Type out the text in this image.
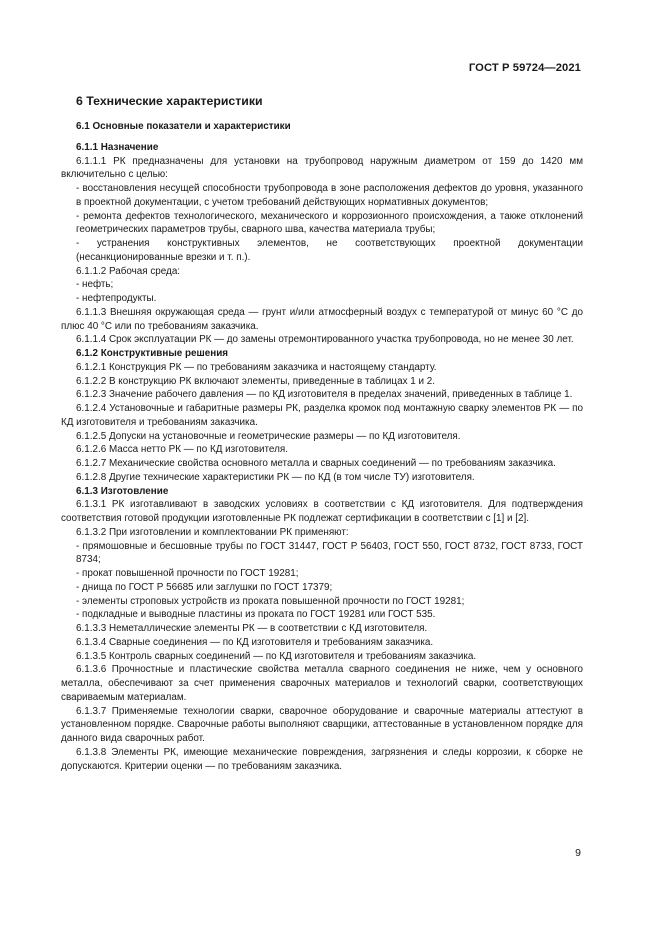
ГОСТ Р 59724—2021
6 Технические характеристики
6.1 Основные показатели и характеристики
6.1.1 Назначение

6.1.1.1 РК предназначены для установки на трубопровод наружным диаметром от 159 до 1420 мм включительно с целью:

- восстановления несущей способности трубопровода в зоне расположения дефектов до уровня, указанного в проектной документации, с учетом требований действующих нормативных документов;

- ремонта дефектов технологического, механического и коррозионного происхождения, а также отклонений геометрических параметров трубы, сварного шва, качества материала трубы;

- устранения конструктивных элементов, не соответствующих проектной документации (несанкционированные врезки и т. п.).

6.1.1.2 Рабочая среда:

- нефть;

- нефтепродукты.

6.1.1.3 Внешняя окружающая среда — грунт и/или атмосферный воздух с температурой от минус 60 °С до плюс 40 °С или по требованиям заказчика.

6.1.1.4 Срок эксплуатации РК — до замены отремонтированного участка трубопровода, но не менее 30 лет.

6.1.2 Конструктивные решения

6.1.2.1 Конструкция РК — по требованиям заказчика и настоящему стандарту.

6.1.2.2 В конструкцию РК включают элементы, приведенные в таблицах 1 и 2.

6.1.2.3 Значение рабочего давления — по КД изготовителя в пределах значений, приведенных в таблице 1.

6.1.2.4 Установочные и габаритные размеры РК, разделка кромок под монтажную сварку элементов РК — по КД изготовителя и требованиям заказчика.

6.1.2.5 Допуски на установочные и геометрические размеры — по КД изготовителя.

6.1.2.6 Масса нетто РК — по КД изготовителя.

6.1.2.7 Механические свойства основного металла и сварных соединений — по требованиям заказчика.

6.1.2.8 Другие технические характеристики РК — по КД (в том числе ТУ) изготовителя.

6.1.3 Изготовление

6.1.3.1 РК изготавливают в заводских условиях в соответствии с КД изготовителя. Для подтверждения соответствия готовой продукции изготовленные РК подлежат сертификации в соответствии с [1] и [2].

6.1.3.2 При изготовлении и комплектовании РК применяют:

- прямошовные и бесшовные трубы по ГОСТ 31447, ГОСТ Р 56403, ГОСТ 550, ГОСТ 8732, ГОСТ 8733, ГОСТ 8734;

- прокат повышенной прочности по ГОСТ 19281;

- днища по ГОСТ Р 56685 или заглушки по ГОСТ 17379;

- элементы строповых устройств из проката повышенной прочности по ГОСТ 19281;

- подкладные и выводные пластины из проката по ГОСТ 19281 или ГОСТ 535.

6.1.3.3 Неметаллические элементы РК — в соответствии с КД изготовителя.

6.1.3.4 Сварные соединения — по КД изготовителя и требованиям заказчика.

6.1.3.5 Контроль сварных соединений — по КД изготовителя и требованиям заказчика.

6.1.3.6 Прочностные и пластические свойства металла сварного соединения не ниже, чем у основного металла, обеспечивают за счет применения сварочных материалов и технологий сварки, соответствующих свариваемым материалам.

6.1.3.7 Применяемые технологии сварки, сварочное оборудование и сварочные материалы аттестуют в установленном порядке. Сварочные работы выполняют сварщики, аттестованные в установленном порядке для данного вида сварочных работ.

6.1.3.8 Элементы РК, имеющие механические повреждения, загрязнения и следы коррозии, к сборке не допускаются. Критерии оценки — по требованиям заказчика.

9
